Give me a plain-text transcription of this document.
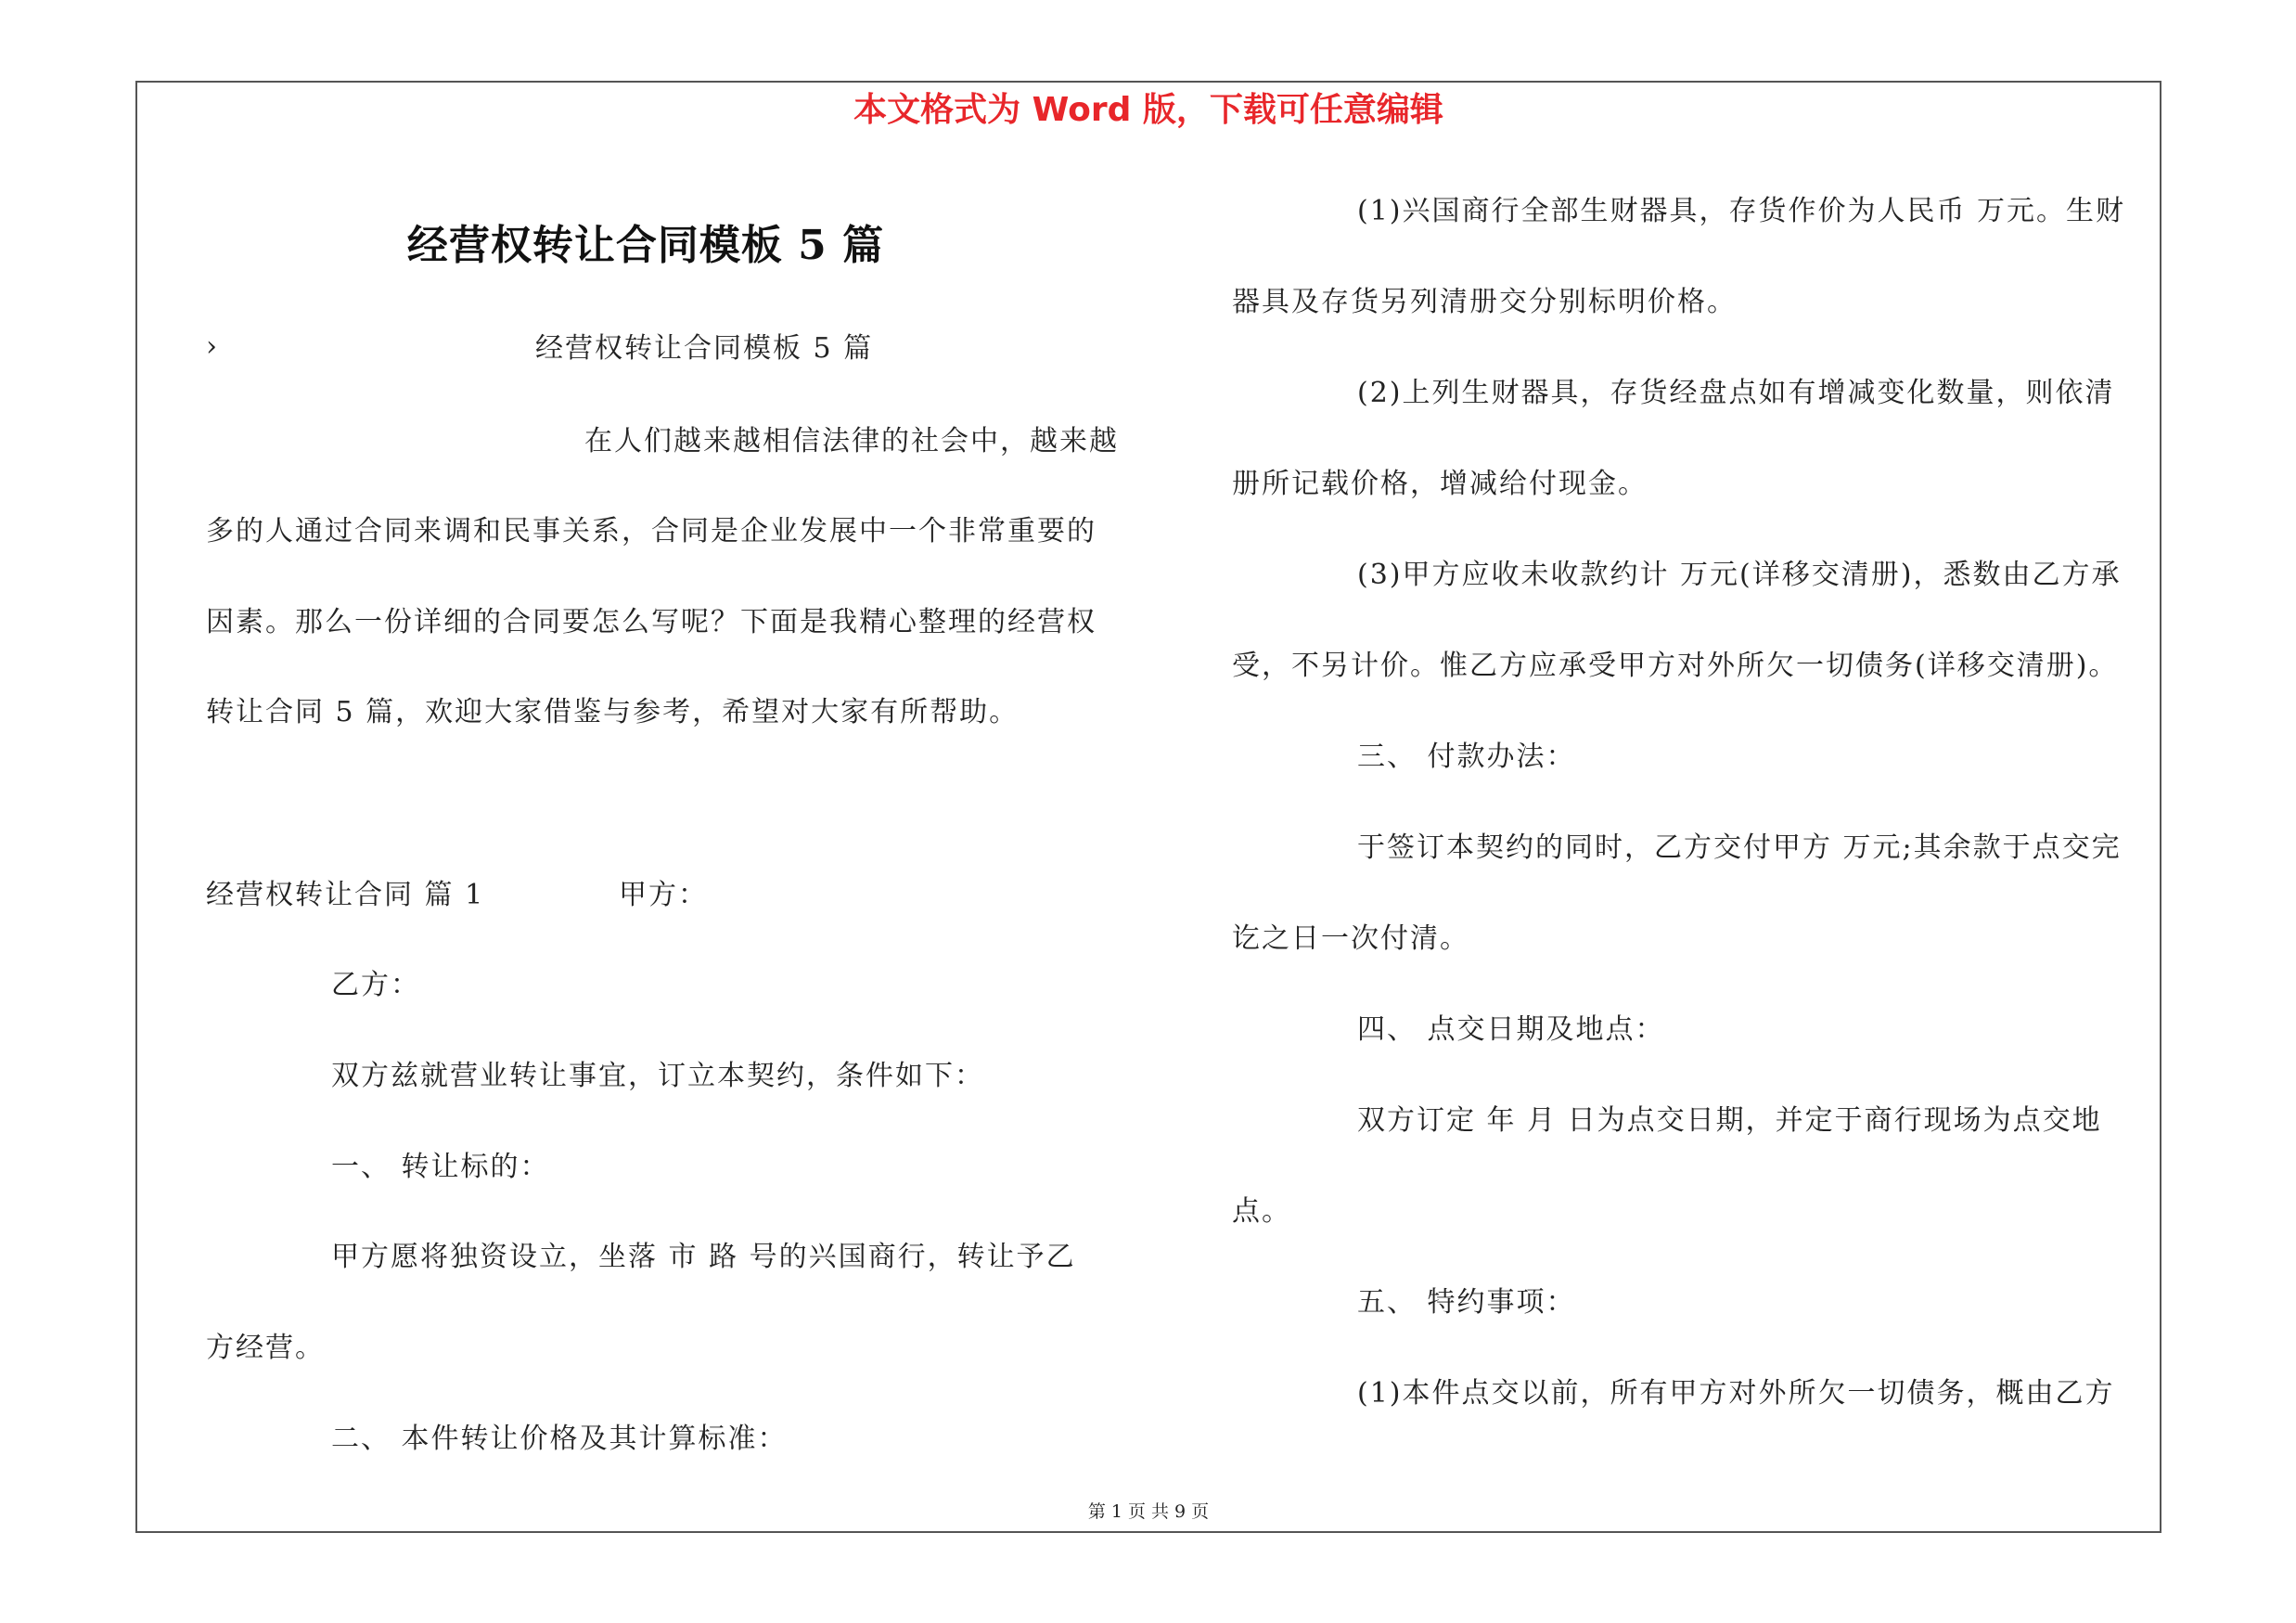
本文格式为 Word 版，下载可任意编辑
经营权转让合同模板 5 篇
›	经营权转让合同模板 5 篇
在人们越来越相信法律的社会中，越来越
多的人通过合同来调和民事关系，合同是企业发展中一个非常重要的
因素。那么一份详细的合同要怎么写呢？下面是我精心整理的经营权
转让合同 5 篇，欢迎大家借鉴与参考，希望对大家有所帮助。
经营权转让合同 篇 1	甲方：
乙方：
双方兹就营业转让事宜，订立本契约，条件如下：
一、 转让标的：
甲方愿将独资设立，坐落 市 路 号的兴国商行，转让予乙
方经营。
二、 本件转让价格及其计算标准：
(1)兴国商行全部生财器具，存货作价为人民币 万元。生财
器具及存货另列清册交分别标明价格。
(2)上列生财器具，存货经盘点如有增减变化数量，则依清
册所记载价格，增减给付现金。
(3)甲方应收未收款约计 万元(详移交清册)，悉数由乙方承
受，不另计价。惟乙方应承受甲方对外所欠一切债务(详移交清册)。
三、 付款办法：
于签订本契约的同时，乙方交付甲方 万元;其余款于点交完
讫之日一次付清。
四、 点交日期及地点：
双方订定 年 月 日为点交日期，并定于商行现场为点交地
点。
五、 特约事项：
(1)本件点交以前，所有甲方对外所欠一切债务，概由乙方
第 1 页 共 9 页
